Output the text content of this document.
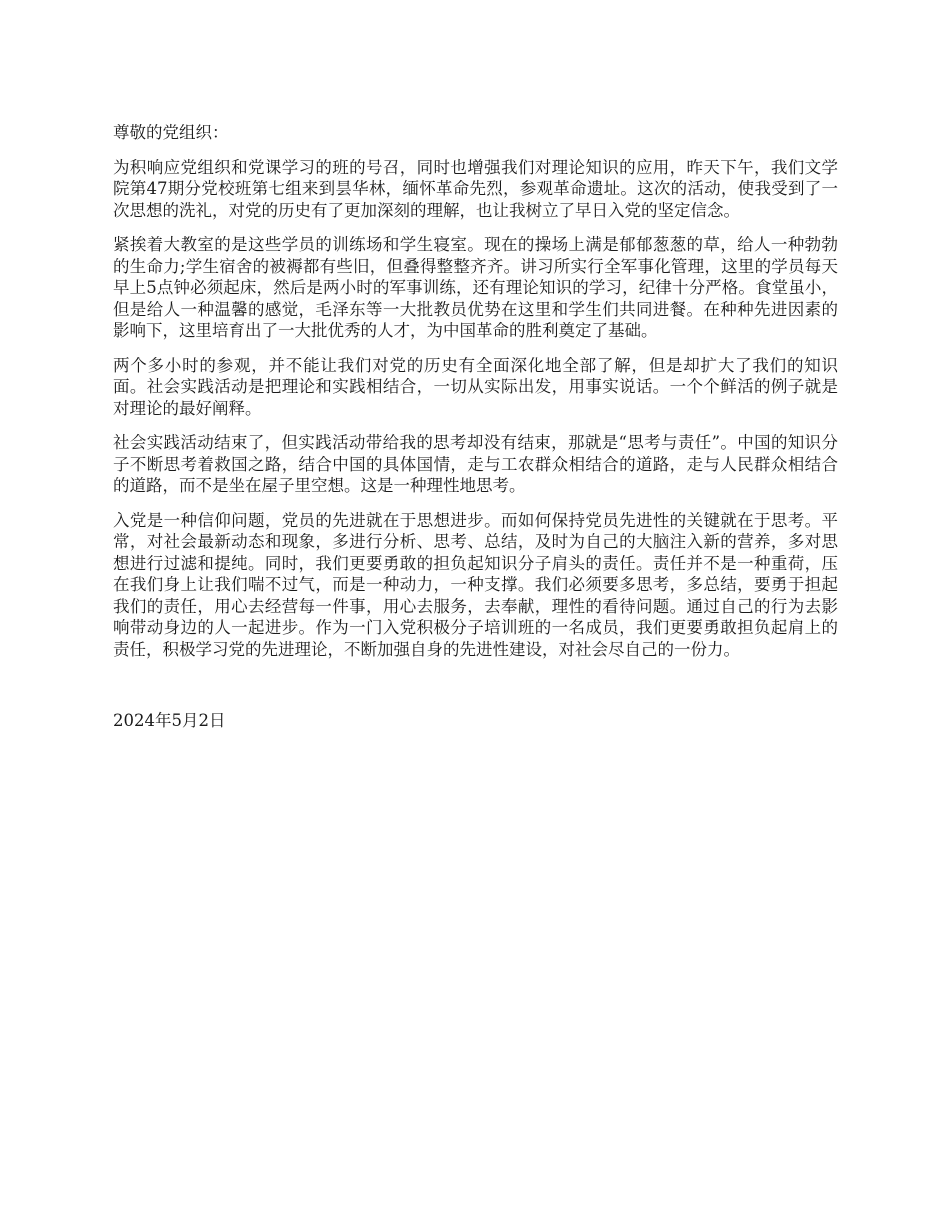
尊敬的党组织：

为积响应党组织和党课学习的班的号召，同时也增强我们对理论知识的应用，昨天下午，我们文学院第47期分党校班第七组来到昙华林，缅怀革命先烈，参观革命遗址。这次的活动，使我受到了一次思想的洗礼，对党的历史有了更加深刻的理解，也让我树立了早日入党的坚定信念。

紧挨着大教室的是这些学员的训练场和学生寝室。现在的操场上满是郁郁葱葱的草，给人一种勃勃的生命力;学生宿舍的被褥都有些旧，但叠得整整齐齐。讲习所实行全军事化管理，这里的学员每天早上5点钟必须起床，然后是两小时的军事训练，还有理论知识的学习，纪律十分严格。食堂虽小，但是给人一种温馨的感觉，毛泽东等一大批教员优势在这里和学生们共同进餐。在种种先进因素的影响下，这里培育出了一大批优秀的人才，为中国革命的胜利奠定了基础。

两个多小时的参观，并不能让我们对党的历史有全面深化地全部了解，但是却扩大了我们的知识面。社会实践活动是把理论和实践相结合，一切从实际出发，用事实说话。一个个鲜活的例子就是对理论的最好阐释。

社会实践活动结束了，但实践活动带给我的思考却没有结束，那就是“思考与责任”。中国的知识分子不断思考着救国之路，结合中国的具体国情，走与工农群众相结合的道路，走与人民群众相结合的道路，而不是坐在屋子里空想。这是一种理性地思考。

入党是一种信仰问题，党员的先进就在于思想进步。而如何保持党员先进性的关键就在于思考。平常，对社会最新动态和现象，多进行分析、思考、总结，及时为自己的大脑注入新的营养，多对思想进行过滤和提纯。同时，我们更要勇敢的担负起知识分子肩头的责任。责任并不是一种重荷，压在我们身上让我们喘不过气，而是一种动力，一种支撑。我们必须要多思考，多总结，要勇于担起我们的责任，用心去经营每一件事，用心去服务，去奉献，理性的看待问题。通过自己的行为去影响带动身边的人一起进步。作为一门入党积极分子培训班的一名成员，我们更要勇敢担负起肩上的责任，积极学习党的先进理论，不断加强自身的先进性建设，对社会尽自己的一份力。

2024年5月2日
